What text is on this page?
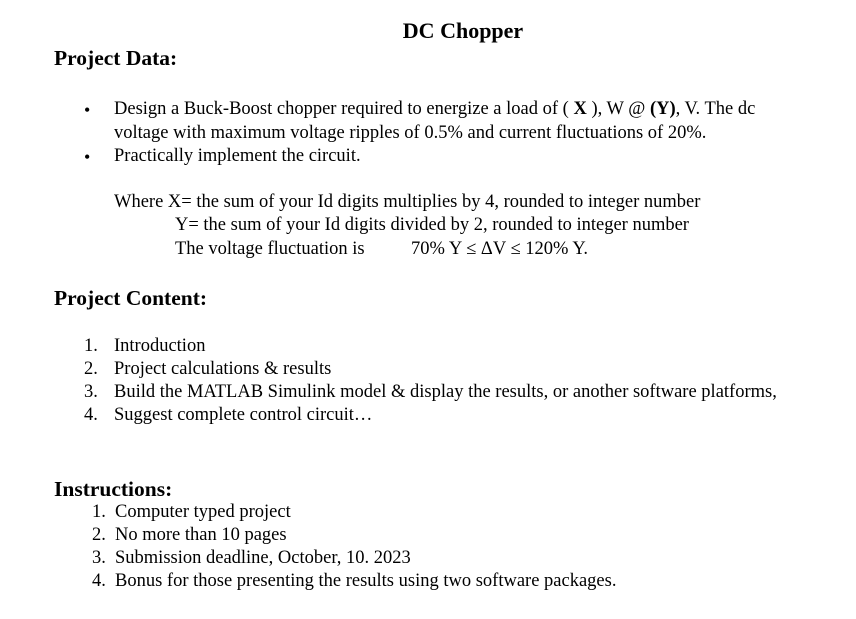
DC Chopper
Project Data:
• Design a Buck-Boost chopper required to energize a load of ( X ), W @ (Y), V. The dc
voltage with maximum voltage ripples of 0.5% and current fluctuations of 20%.
• Practically implement the circuit.
Where X= the sum of your Id digits multiplies by 4, rounded to integer number
Y= the sum of your Id digits divided by 2, rounded to integer number
The voltage fluctuation is	70% Y ≤ ΔV ≤ 120% Y.
Project Content:
1. Introduction
2. Project calculations & results
3. Build the MATLAB Simulink model & display the results, or another software platforms,
4. Suggest complete control circuit…
Instructions:
1. Computer typed project
2. No more than 10 pages
3. Submission deadline, October, 10. 2023
4. Bonus for those presenting the results using two software packages.
